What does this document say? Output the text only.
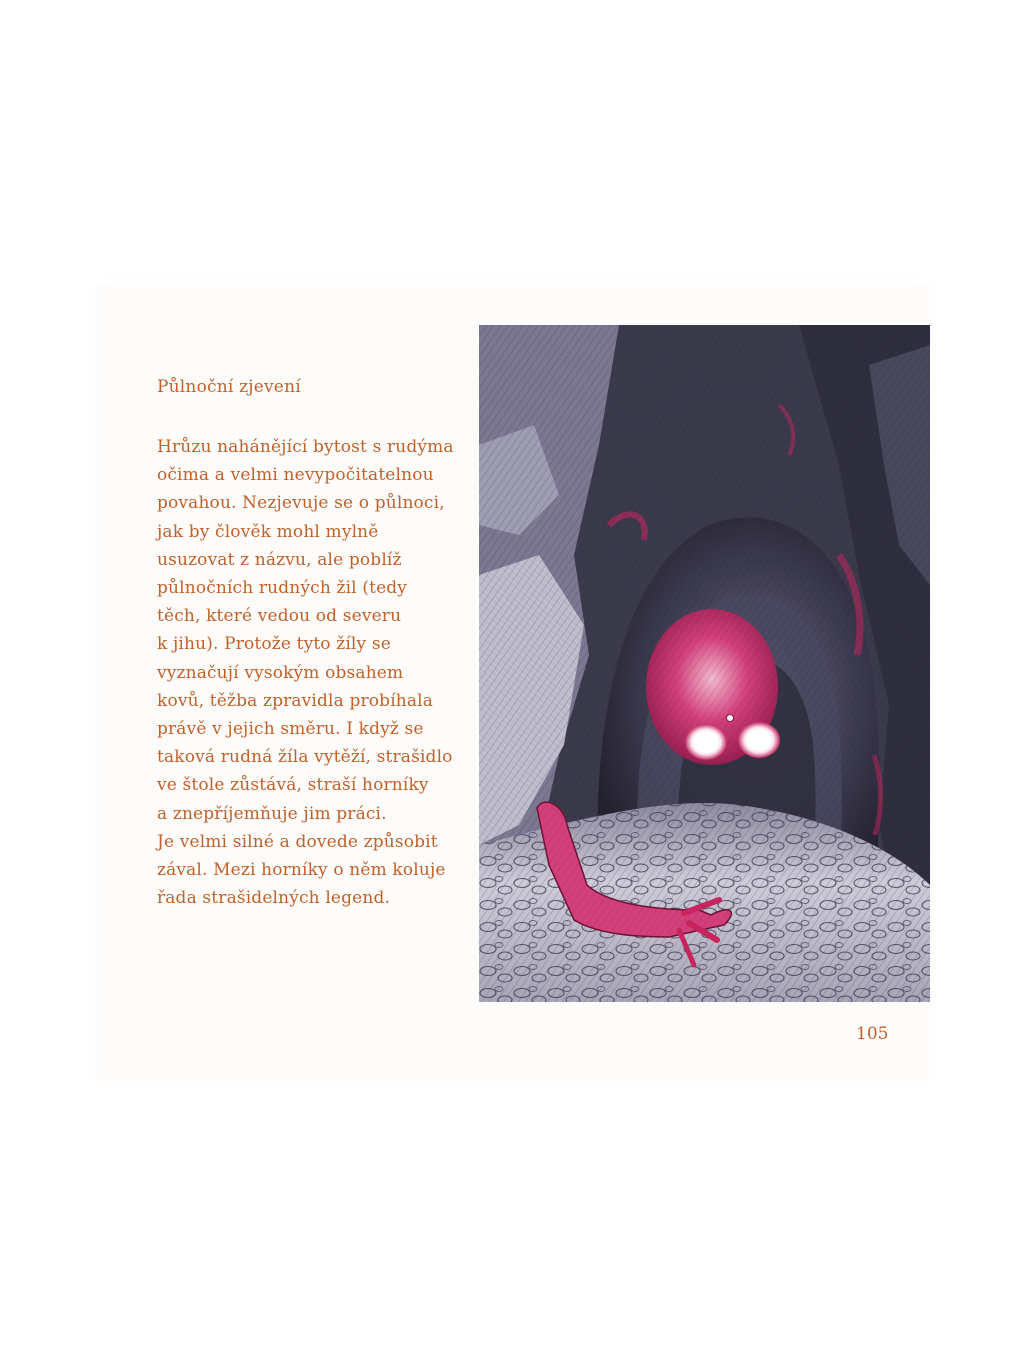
Půlnoční zjevení
Hrůzu nahánějící bytost s rudýma
očima a velmi nevypočitatelnou
povahou. Nezjevuje se o půlnoci,
jak by člověk mohl mylně
usuzovat z názvu, ale poblíž
půlnočních rudných žil (tedy
těch, které vedou od severu
k jihu). Protože tyto žíly se
vyznačují vysokým obsahem
kovů, těžba zpravidla probíhala
právě v jejich směru. I když se
taková rudná žíla vytěží, strašidlo
ve štole zůstává, straší horníky
a znepříjemňuje jim práci.
Je velmi silné a dovede způsobit
zával. Mezi horníky o něm koluje
řada strašidelných legend.
105
